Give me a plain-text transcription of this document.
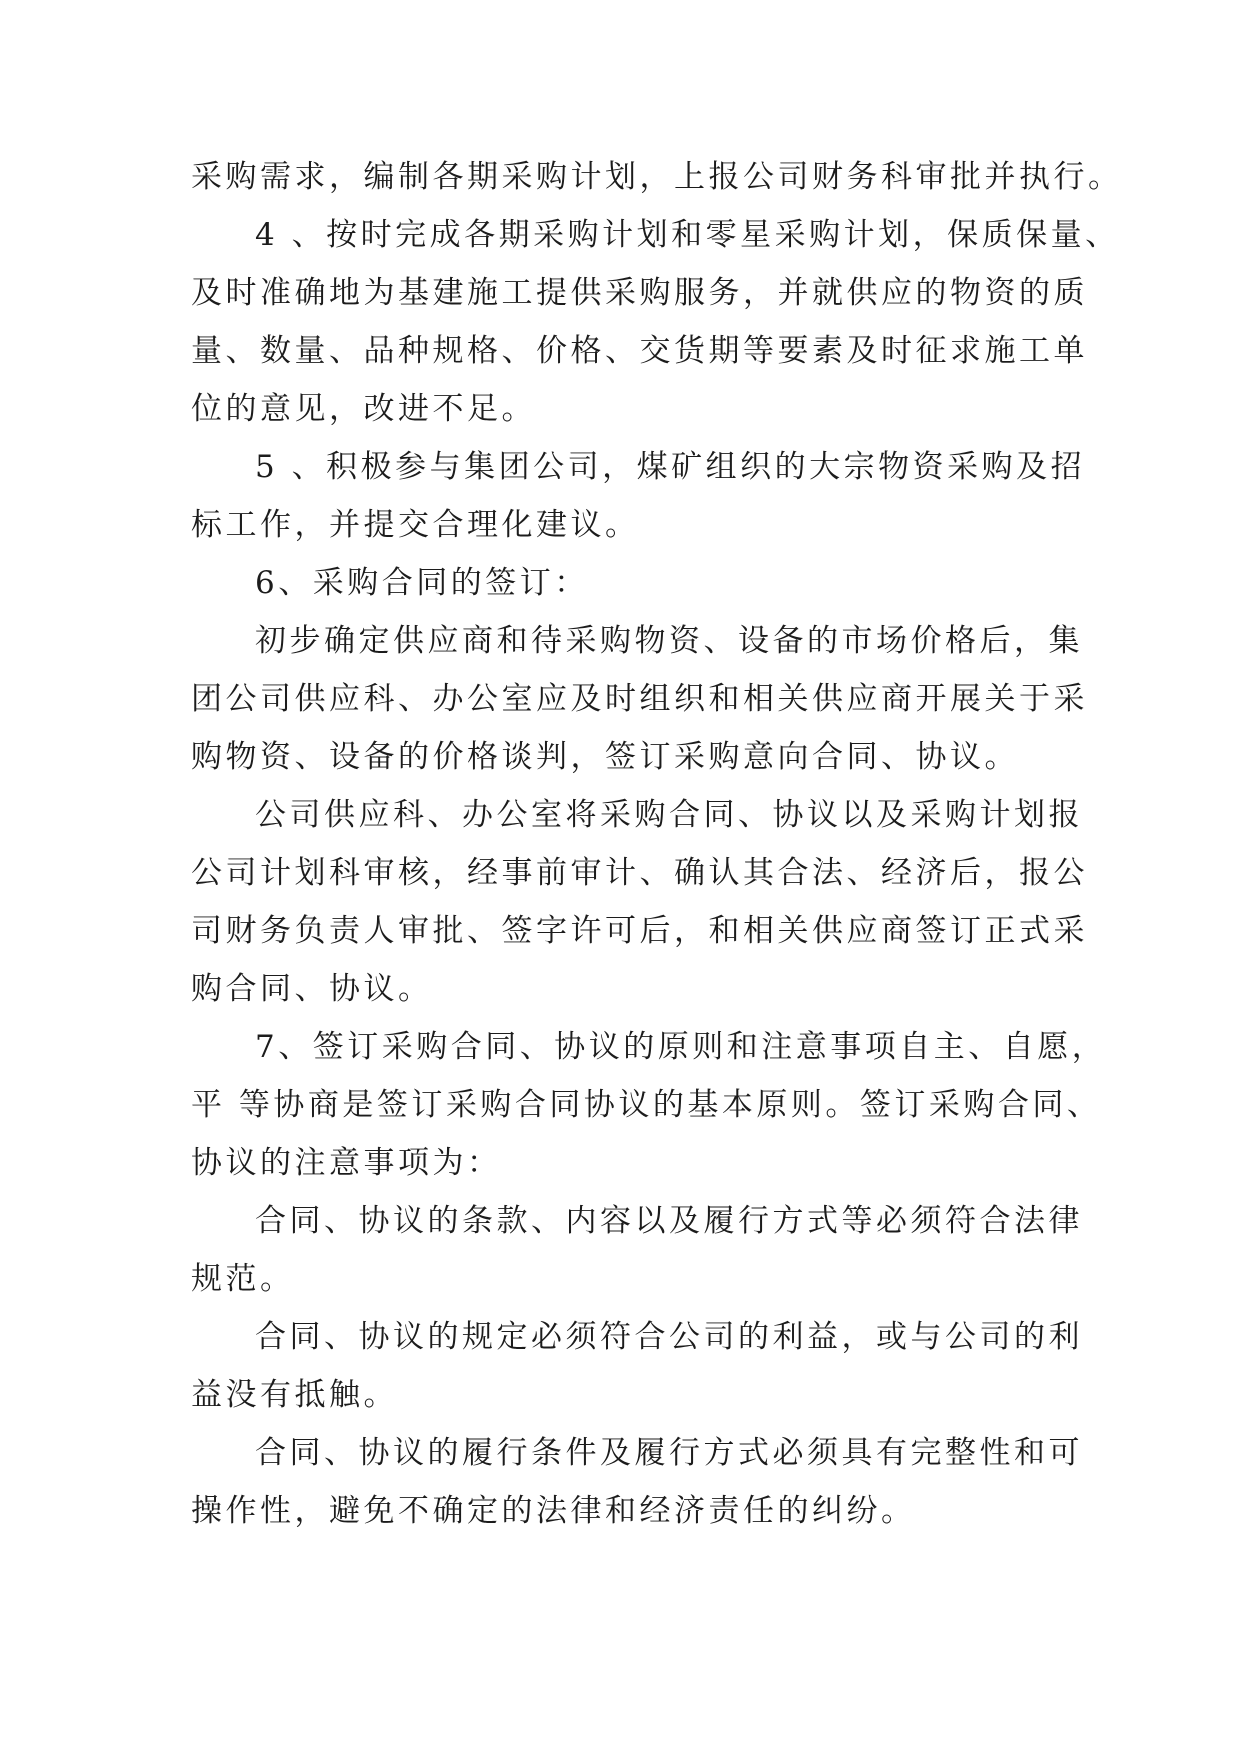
采购需求，编制各期采购计划，上报公司财务科审批并执行。

4 、按时完成各期采购计划和零星采购计划，保质保量、
及时准确地为基建施工提供采购服务，并就供应的物资的质
量、数量、品种规格、价格、交货期等要素及时征求施工单
位的意见，改进不足。

5 、积极参与集团公司，煤矿组织的大宗物资采购及招
标工作，并提交合理化建议。

6、采购合同的签订：

初步确定供应商和待采购物资、设备的市场价格后，集
团公司供应科、办公室应及时组织和相关供应商开展关于采
购物资、设备的价格谈判，签订采购意向合同、协议。

公司供应科、办公室将采购合同、协议以及采购计划报
公司计划科审核，经事前审计、确认其合法、经济后，报公
司财务负责人审批、签字许可后，和相关供应商签订正式采
购合同、协议。

7、签订采购合同、协议的原则和注意事项自主、自愿，
平 等协商是签订采购合同协议的基本原则。签订采购合同、
协议的注意事项为：

合同、协议的条款、内容以及履行方式等必须符合法律
规范。

合同、协议的规定必须符合公司的利益，或与公司的利
益没有抵触。

合同、协议的履行条件及履行方式必须具有完整性和可
操作性，避免不确定的法律和经济责任的纠纷。
